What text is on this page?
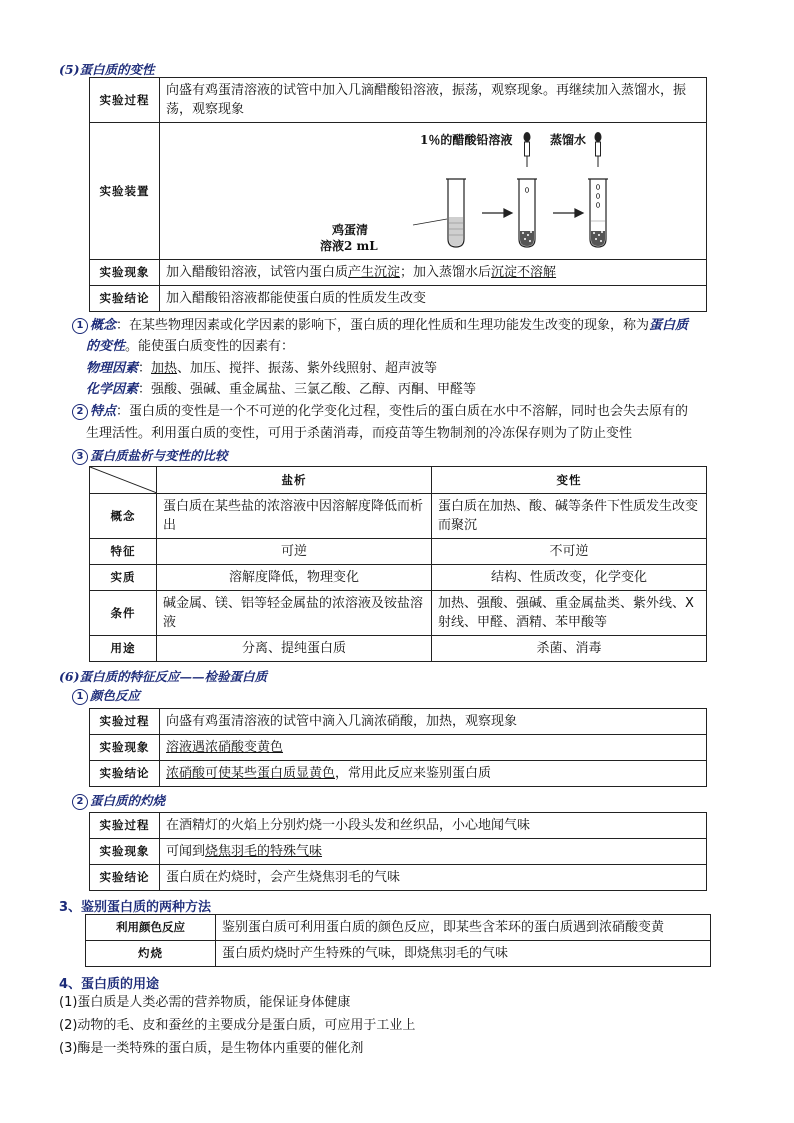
(5)蛋白质的变性
实验过程	向盛有鸡蛋清溶液的试管中加入几滴醋酸铅溶液，振荡，观察现象。再继续加入蒸馏水，振荡，观察现象
实验装置	1％的醋酸铅溶液 蒸馏水
鸡蛋清
溶液2 mL

实验现象	加入醋酸铅溶液，试管内蛋白质产生沉淀；加入蒸馏水后沉淀不溶解
实验结论	加入醋酸铅溶液都能使蛋白质的性质发生改变
1 概念：在某些物理因素或化学因素的影响下，蛋白质的理化性质和生理功能发生改变的现象，称为蛋白质
的变性。能使蛋白质变性的因素有：
物理因素：加热、加压、搅拌、振荡、紫外线照射、超声波等
化学因素：强酸、强碱、重金属盐、三氯乙酸、乙醇、丙酮、甲醛等
2 特点：蛋白质的变性是一个不可逆的化学变化过程，变性后的蛋白质在水中不溶解，同时也会失去原有的
生理活性。利用蛋白质的变性，可用于杀菌消毒，而疫苗等生物制剂的冷冻保存则为了防止变性
3 蛋白质盐析与变性的比较
	盐析	变性
概念	蛋白质在某些盐的浓溶液中因溶解度降低而析出	蛋白质在加热、酸、碱等条件下性质发生改变而聚沉
特征	可逆	不可逆
实质	溶解度降低，物理变化	结构、性质改变，化学变化
条件	碱金属、镁、铝等轻金属盐的浓溶液及铵盐溶液	加热、强酸、强碱、重金属盐类、紫外线、X射线、甲醛、酒精、苯甲酸等
用途	分离、提纯蛋白质	杀菌、消毒
(6)蛋白质的特征反应——检验蛋白质
1 颜色反应
实验过程	向盛有鸡蛋清溶液的试管中滴入几滴浓硝酸，加热，观察现象
实验现象	溶液遇浓硝酸变黄色
实验结论	浓硝酸可使某些蛋白质显黄色，常用此反应来鉴别蛋白质
2 蛋白质的灼烧
实验过程	在酒精灯的火焰上分别灼烧一小段头发和丝织品，小心地闻气味
实验现象	可闻到烧焦羽毛的特殊气味
实验结论	蛋白质在灼烧时，会产生烧焦羽毛的气味
3、鉴别蛋白质的两种方法
利用颜色反应	鉴别蛋白质可利用蛋白质的颜色反应，即某些含苯环的蛋白质遇到浓硝酸变黄
灼烧	蛋白质灼烧时产生特殊的气味，即烧焦羽毛的气味
4、蛋白质的用途
(1)蛋白质是人类必需的营养物质，能保证身体健康
(2)动物的毛、皮和蚕丝的主要成分是蛋白质，可应用于工业上
(3)酶是一类特殊的蛋白质，是生物体内重要的催化剂
